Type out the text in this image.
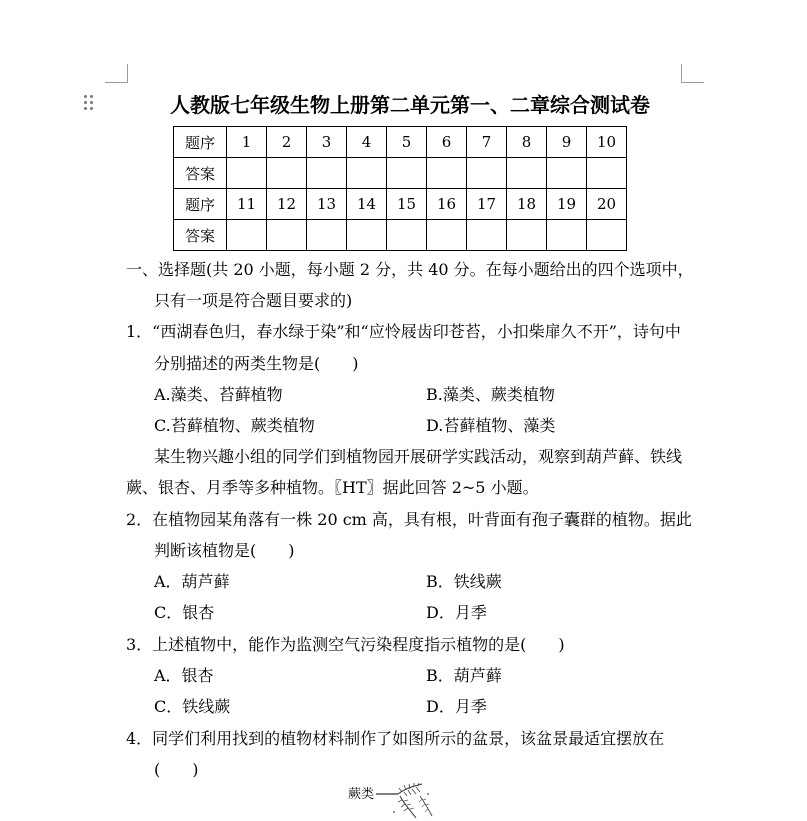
人教版七年级生物上册第二单元第一、二章综合测试卷
题序	1	2	3	4	5	6	7	8	9	10
答案										
题序	11	12	13	14	15	16	17	18	19	20
答案										
一、选择题(共 20 小题，每小题 2 分，共 40 分。在每小题给出的四个选项中，
只有一项是符合题目要求的)
1．“西湖春色归，春水绿于染”和“应怜屐齿印苍苔，小扣柴扉久不开”，诗句中
分别描述的两类生物是(　　)
A.藻类、苔藓植物	B.藻类、蕨类植物
C.苔藓植物、蕨类植物	D.苔藓植物、藻类
某生物兴趣小组的同学们到植物园开展研学实践活动，观察到葫芦藓、铁线
蕨、银杏、月季等多种植物。〖HT〗据此回答 2~5 小题。
2．在植物园某角落有一株 20 cm 高，具有根，叶背面有孢子囊群的植物。据此
判断该植物是(　　)
A．葫芦藓	B．铁线蕨
C．银杏	D．月季
3．上述植物中，能作为监测空气污染程度指示植物的是(　　)
A．银杏	B．葫芦藓
C．铁线蕨	D．月季
4．同学们利用找到的植物材料制作了如图所示的盆景，该盆景最适宜摆放在
(　　)
蕨类
